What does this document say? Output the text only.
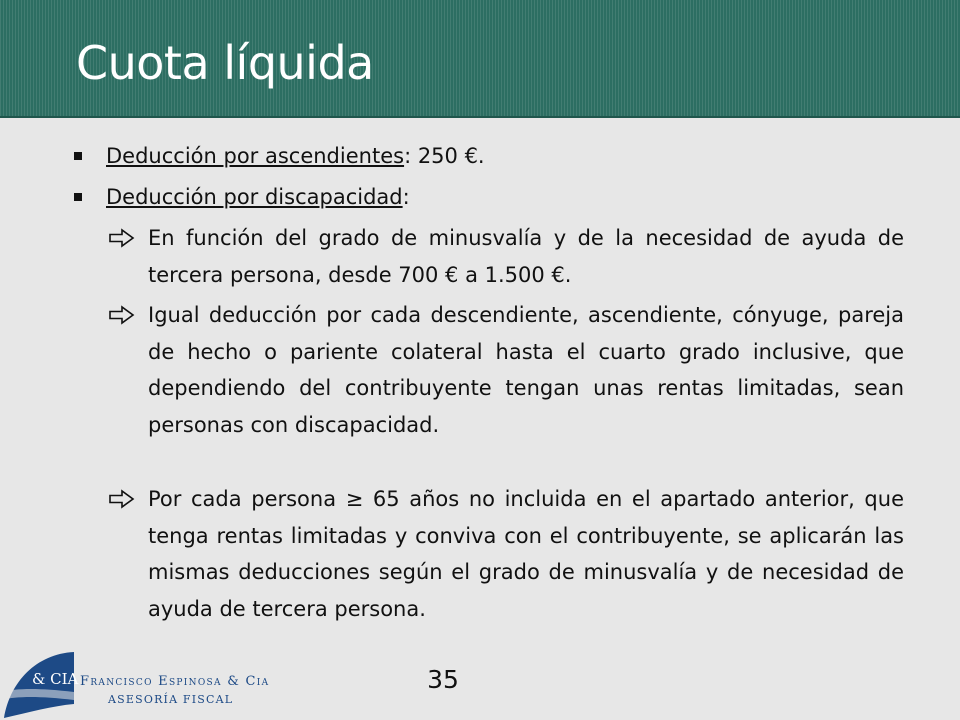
Cuota líquida
Deducción por ascendientes: 250 €.
Deducción por discapacidad:
En función del grado de minusvalía y de la necesidad de ayuda de tercera persona, desde 700 € a 1.500 €.
Igual deducción por cada descendiente, ascendiente, cónyuge, pareja de hecho o pariente colateral hasta el cuarto grado inclusive, que dependiendo del contribuyente tengan unas rentas limitadas, sean personas con discapacidad.
Por cada persona ≥ 65 años no incluida en el apartado anterior, que tenga rentas limitadas y conviva con el contribuyente, se aplicarán las mismas deducciones según el grado de minusvalía y de necesidad de ayuda de tercera persona.
35
& CIA Francisco Espinosa & Cia
ASESORÍA FISCAL
